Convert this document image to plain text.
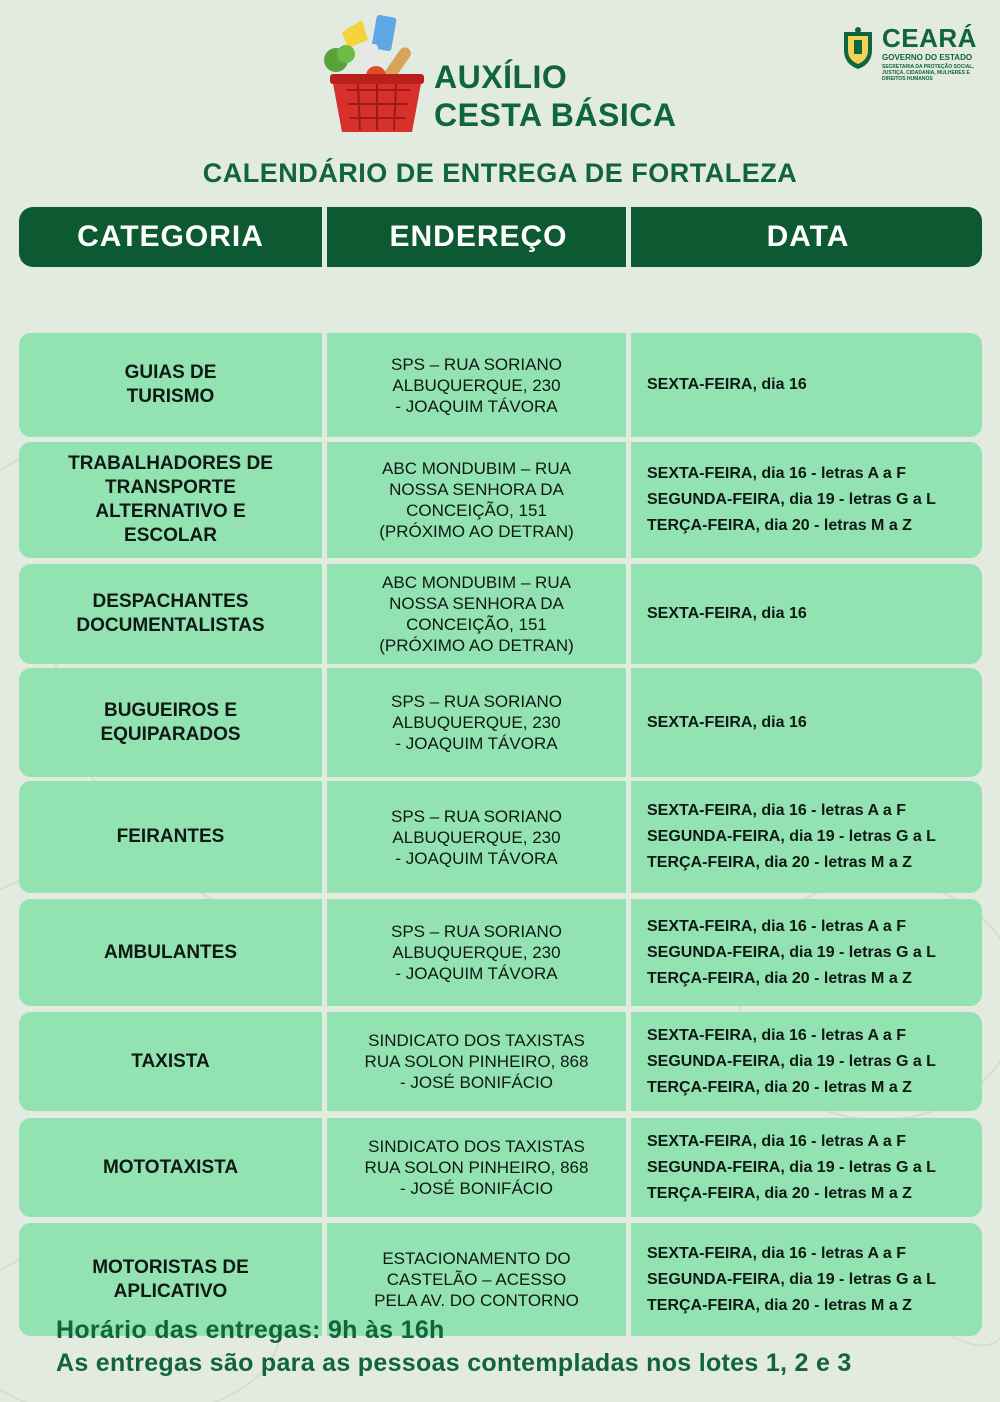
AUXÍLIO
CESTA BÁSICA
CEARÁ
GOVERNO DO ESTADO
SECRETARIA DA PROTEÇÃO SOCIAL, JUSTIÇA, CIDADANIA, MULHERES E DIREITOS HUMANOS
CALENDÁRIO DE ENTREGA DE FORTALEZA
CATEGORIA	ENDEREÇO	DATA
GUIAS DE
TURISMO
SPS – RUA SORIANO
ALBUQUERQUE, 230
- JOAQUIM TÁVORA
SEXTA-FEIRA, dia 16
TRABALHADORES DE
TRANSPORTE
ALTERNATIVO E
ESCOLAR
ABC MONDUBIM – RUA
NOSSA SENHORA DA
CONCEIÇÃO, 151
(PRÓXIMO AO DETRAN)
SEXTA-FEIRA, dia 16 - letras A a F
SEGUNDA-FEIRA, dia 19 - letras G a L
TERÇA-FEIRA, dia 20 - letras M a Z
DESPACHANTES
DOCUMENTALISTAS
ABC MONDUBIM – RUA
NOSSA SENHORA DA
CONCEIÇÃO, 151
(PRÓXIMO AO DETRAN)
SEXTA-FEIRA, dia 16
BUGUEIROS E
EQUIPARADOS
SPS – RUA SORIANO
ALBUQUERQUE, 230
- JOAQUIM TÁVORA
SEXTA-FEIRA, dia 16
FEIRANTES
SPS – RUA SORIANO
ALBUQUERQUE, 230
- JOAQUIM TÁVORA
SEXTA-FEIRA, dia 16 - letras A a F
SEGUNDA-FEIRA, dia 19 - letras G a L
TERÇA-FEIRA, dia 20 - letras M a Z
AMBULANTES
SPS – RUA SORIANO
ALBUQUERQUE, 230
- JOAQUIM TÁVORA
SEXTA-FEIRA, dia 16 - letras A a F
SEGUNDA-FEIRA, dia 19 - letras G a L
TERÇA-FEIRA, dia 20 - letras M a Z
TAXISTA
SINDICATO DOS TAXISTAS
RUA SOLON PINHEIRO, 868
- JOSÉ BONIFÁCIO
SEXTA-FEIRA, dia 16 - letras A a F
SEGUNDA-FEIRA, dia 19 - letras G a L
TERÇA-FEIRA, dia 20 - letras M a Z
MOTOTAXISTA
SINDICATO DOS TAXISTAS
RUA SOLON PINHEIRO, 868
- JOSÉ BONIFÁCIO
SEXTA-FEIRA, dia 16 - letras A a F
SEGUNDA-FEIRA, dia 19 - letras G a L
TERÇA-FEIRA, dia 20 - letras M a Z
MOTORISTAS DE
APLICATIVO
ESTACIONAMENTO DO
CASTELÃO – ACESSO
PELA AV. DO CONTORNO
SEXTA-FEIRA, dia 16 - letras A a F
SEGUNDA-FEIRA, dia 19 - letras G a L
TERÇA-FEIRA, dia 20 - letras M a Z
Horário das entregas: 9h às 16h
As entregas são para as pessoas contempladas nos lotes 1, 2 e 3
